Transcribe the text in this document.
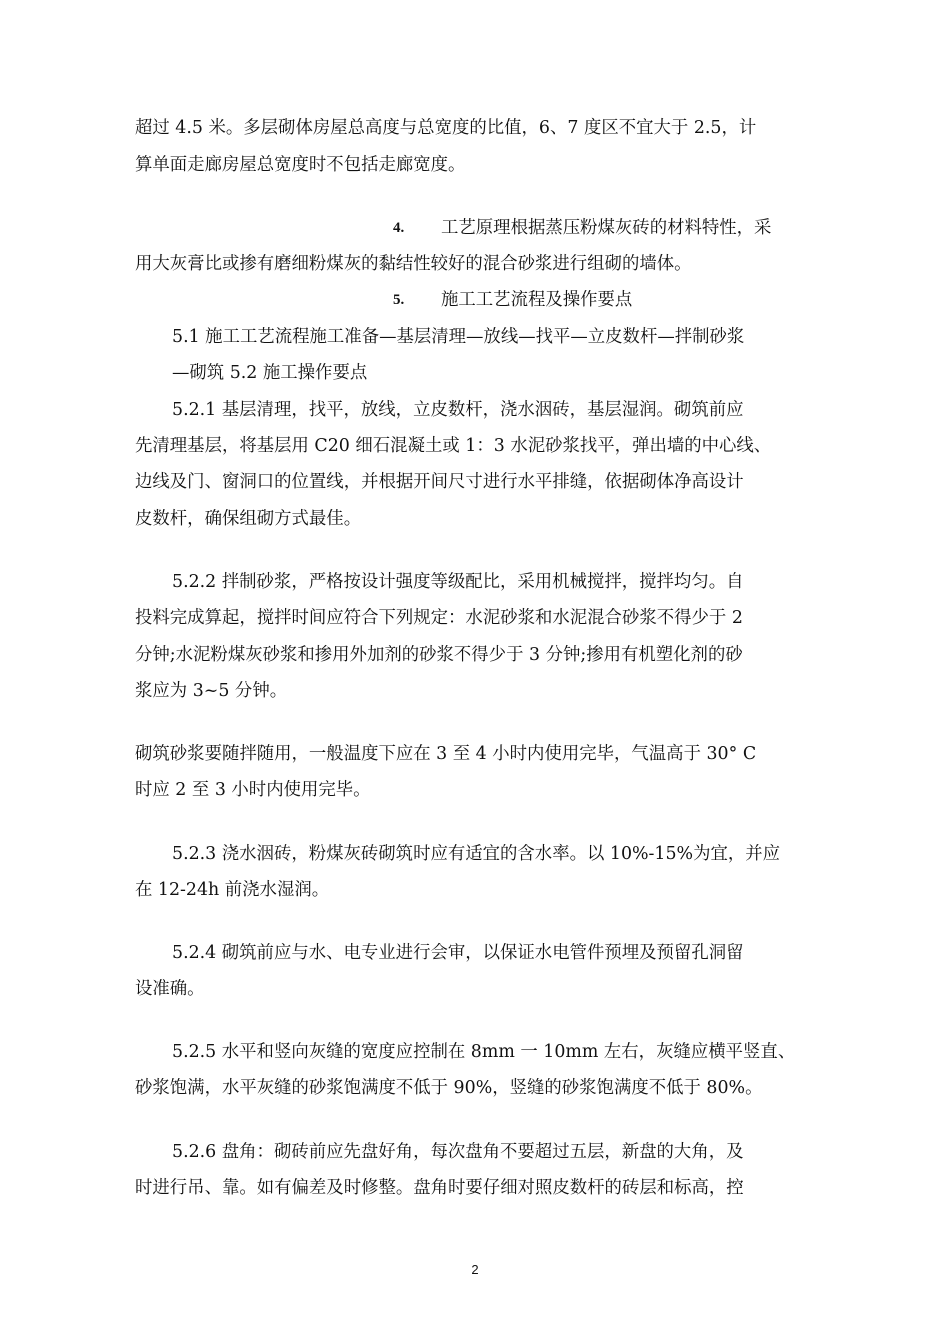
超过 4.5 米。多层砌体房屋总高度与总宽度的比值，6、7 度区不宜大于 2.5，计
算单面走廊房屋总宽度时不包括走廊宽度。
4. 工艺原理根据蒸压粉煤灰砖的材料特性，采
用大灰膏比或掺有磨细粉煤灰的黏结性较好的混合砂浆进行组砌的墙体。
5. 施工工艺流程及操作要点
5.1 施工工艺流程施工准备—基层清理—放线—找平—立皮数杆—拌制砂浆
—砌筑 5.2 施工操作要点
5.2.1 基层清理，找平，放线，立皮数杆，浇水洇砖，基层湿润。砌筑前应
先清理基层，将基层用 C20 细石混凝土或 1：3 水泥砂浆找平，弹出墙的中心线、
边线及门、窗洞口的位置线，并根据开间尺寸进行水平排缝，依据砌体净高设计
皮数杆，确保组砌方式最佳。
5.2.2 拌制砂浆，严格按设计强度等级配比，采用机械搅拌，搅拌均匀。自
投料完成算起，搅拌时间应符合下列规定：水泥砂浆和水泥混合砂浆不得少于 2
分钟;水泥粉煤灰砂浆和掺用外加剂的砂浆不得少于 3 分钟;掺用有机塑化剂的砂
浆应为 3~5 分钟。
砌筑砂浆要随拌随用，一般温度下应在 3 至 4 小时内使用完毕，气温高于 30° C
时应 2 至 3 小时内使用完毕。
5.2.3 浇水洇砖，粉煤灰砖砌筑时应有适宜的含水率。以 10%-15%为宜，并应
在 12-24h 前浇水湿润。
5.2.4 砌筑前应与水、电专业进行会审，以保证水电管件预埋及预留孔洞留
设准确。
5.2.5 水平和竖向灰缝的宽度应控制在 8mm 一 10mm 左右，灰缝应横平竖直、
砂浆饱满，水平灰缝的砂浆饱满度不低于 90%，竖缝的砂浆饱满度不低于 80%。
5.2.6 盘角：砌砖前应先盘好角，每次盘角不要超过五层，新盘的大角，及
时进行吊、靠。如有偏差及时修整。盘角时要仔细对照皮数杆的砖层和标高，控
2
